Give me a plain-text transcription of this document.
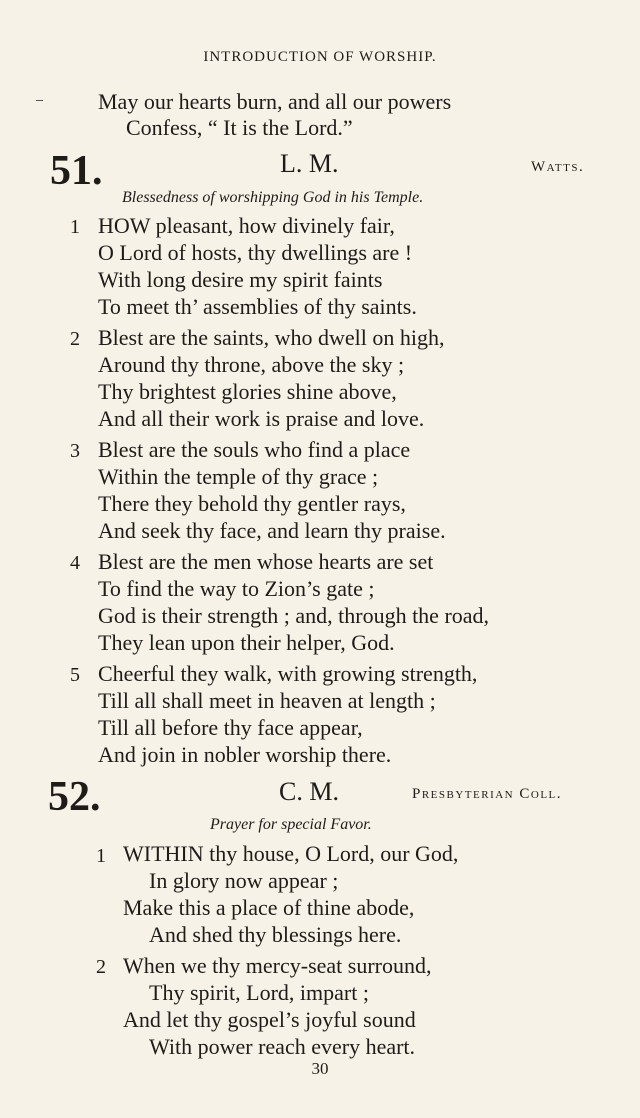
INTRODUCTION OF WORSHIP.
May our hearts burn, and all our powers
Confess, “ It is the Lord.”
51.	L. M.	Watts.
Blessedness of worshipping God in his Temple.
1 HOW pleasant, how divinely fair,
O Lord of hosts, thy dwellings are !
With long desire my spirit faints
To meet th’ assemblies of thy saints.
2 Blest are the saints, who dwell on high,
Around thy throne, above the sky ;
Thy brightest glories shine above,
And all their work is praise and love.
3 Blest are the souls who find a place
Within the temple of thy grace ;
There they behold thy gentler rays,
And seek thy face, and learn thy praise.
4 Blest are the men whose hearts are set
To find the way to Zion’s gate ;
God is their strength ; and, through the road,
They lean upon their helper, God.
5 Cheerful they walk, with growing strength,
Till all shall meet in heaven at length ;
Till all before thy face appear,
And join in nobler worship there.
52.	C. M.	Presbyterian Coll.
Prayer for special Favor.
1 WITHIN thy house, O Lord, our God,
In glory now appear ;
Make this a place of thine abode,
And shed thy blessings here.
2 When we thy mercy-seat surround,
Thy spirit, Lord, impart ;
And let thy gospel’s joyful sound
With power reach every heart.
30
